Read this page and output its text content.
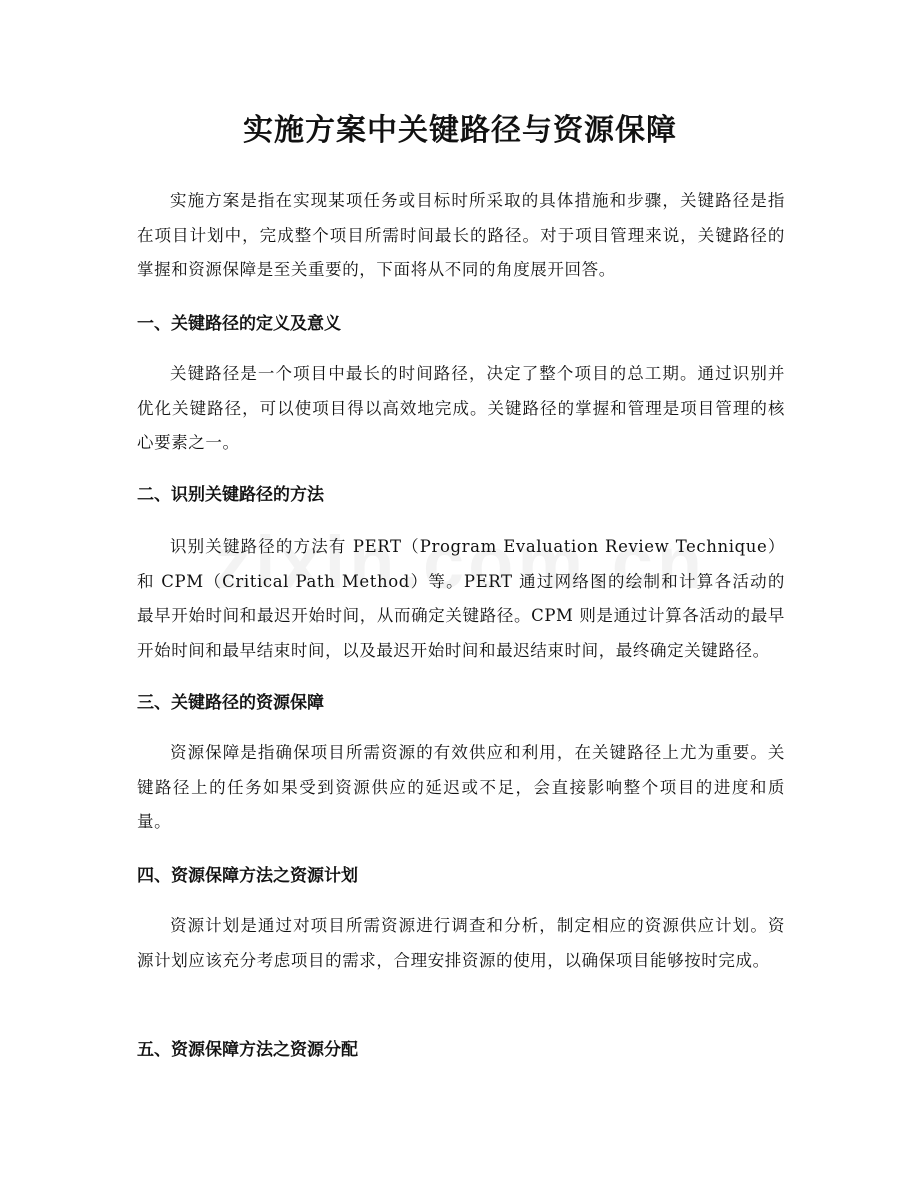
实施方案中关键路径与资源保障

实施方案是指在实现某项任务或目标时所采取的具体措施和步骤，关键路径是指在项目计划中，完成整个项目所需时间最长的路径。对于项目管理来说，关键路径的掌握和资源保障是至关重要的，下面将从不同的角度展开回答。

一、关键路径的定义及意义

关键路径是一个项目中最长的时间路径，决定了整个项目的总工期。通过识别并优化关键路径，可以使项目得以高效地完成。关键路径的掌握和管理是项目管理的核心要素之一。

二、识别关键路径的方法

识别关键路径的方法有 PERT（Program Evaluation Review Technique）和 CPM（Critical Path Method）等。PERT 通过网络图的绘制和计算各活动的最早开始时间和最迟开始时间，从而确定关键路径。CPM 则是通过计算各活动的最早开始时间和最早结束时间，以及最迟开始时间和最迟结束时间，最终确定关键路径。

三、关键路径的资源保障

资源保障是指确保项目所需资源的有效供应和利用，在关键路径上尤为重要。关键路径上的任务如果受到资源供应的延迟或不足，会直接影响整个项目的进度和质量。

四、资源保障方法之资源计划

资源计划是通过对项目所需资源进行调查和分析，制定相应的资源供应计划。资源计划应该充分考虑项目的需求，合理安排资源的使用，以确保项目能够按时完成。

五、资源保障方法之资源分配
